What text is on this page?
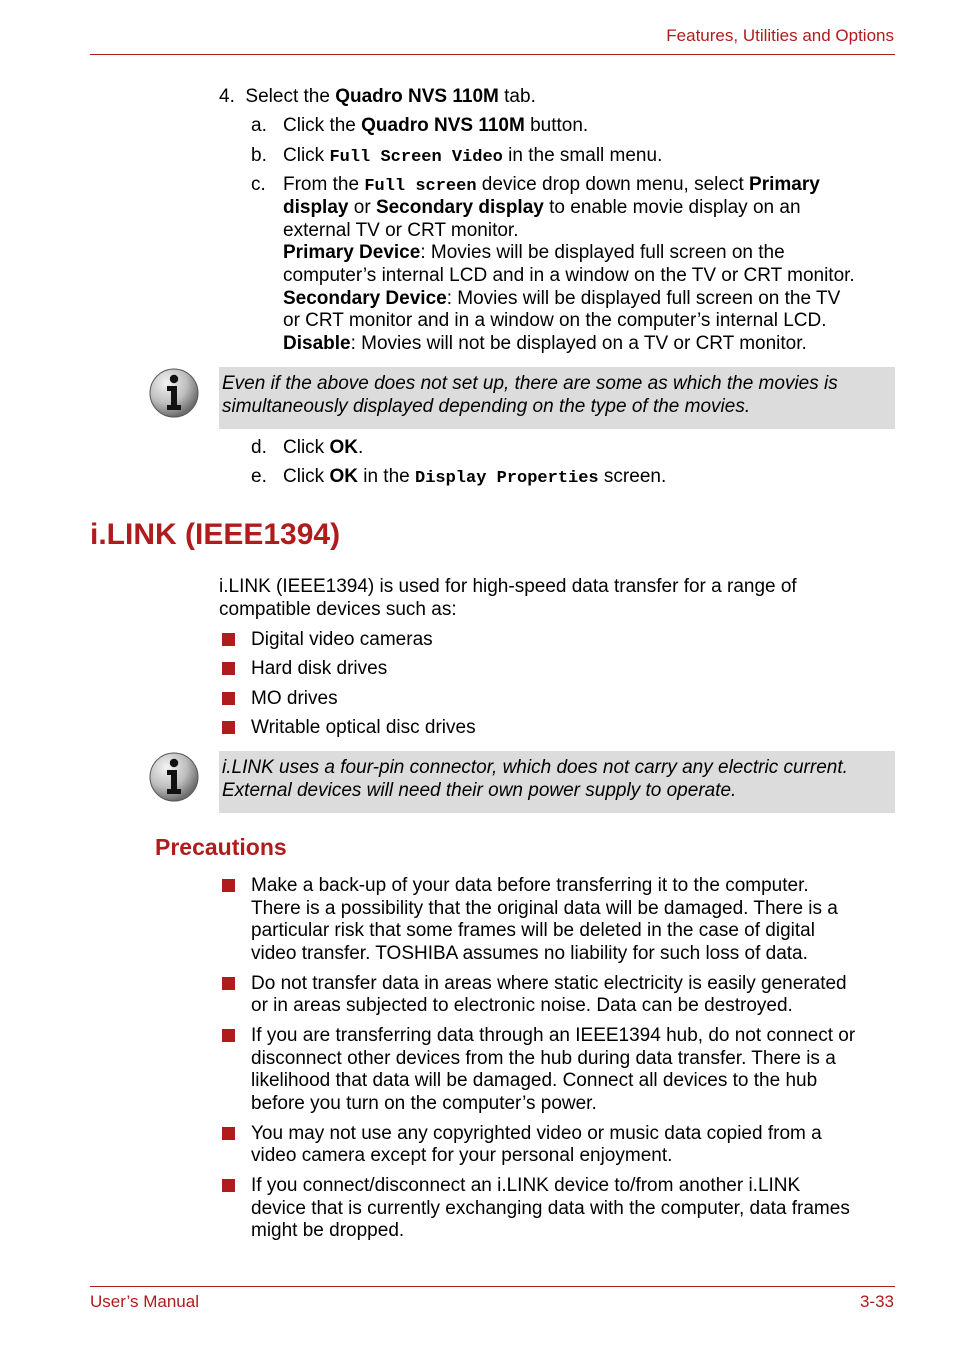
Features, Utilities and Options
4. Select the Quadro NVS 110M tab.
a. Click the Quadro NVS 110M button.
b. Click Full Screen Video in the small menu.
c. From the Full screen device drop down menu, select Primary
display or Secondary display to enable movie display on an
external TV or CRT monitor.
Primary Device: Movies will be displayed full screen on the
computer’s internal LCD and in a window on the TV or CRT monitor.
Secondary Device: Movies will be displayed full screen on the TV
or CRT monitor and in a window on the computer’s internal LCD.
Disable: Movies will not be displayed on a TV or CRT monitor.
Even if the above does not set up, there are some as which the movies is
simultaneously displayed depending on the type of the movies.
d. Click OK.
e. Click OK in the Display Properties screen.
i.LINK (IEEE1394)
i.LINK (IEEE1394) is used for high-speed data transfer for a range of
compatible devices such as:
Digital video cameras
Hard disk drives
MO drives
Writable optical disc drives
i.LINK uses a four-pin connector, which does not carry any electric current.
External devices will need their own power supply to operate.
Precautions
Make a back-up of your data before transferring it to the computer.
There is a possibility that the original data will be damaged. There is a
particular risk that some frames will be deleted in the case of digital
video transfer. TOSHIBA assumes no liability for such loss of data.
Do not transfer data in areas where static electricity is easily generated
or in areas subjected to electronic noise. Data can be destroyed.
If you are transferring data through an IEEE1394 hub, do not connect or
disconnect other devices from the hub during data transfer. There is a
likelihood that data will be damaged. Connect all devices to the hub
before you turn on the computer’s power.
You may not use any copyrighted video or music data copied from a
video camera except for your personal enjoyment.
If you connect/disconnect an i.LINK device to/from another i.LINK
device that is currently exchanging data with the computer, data frames
might be dropped.
User’s Manual	3-33
